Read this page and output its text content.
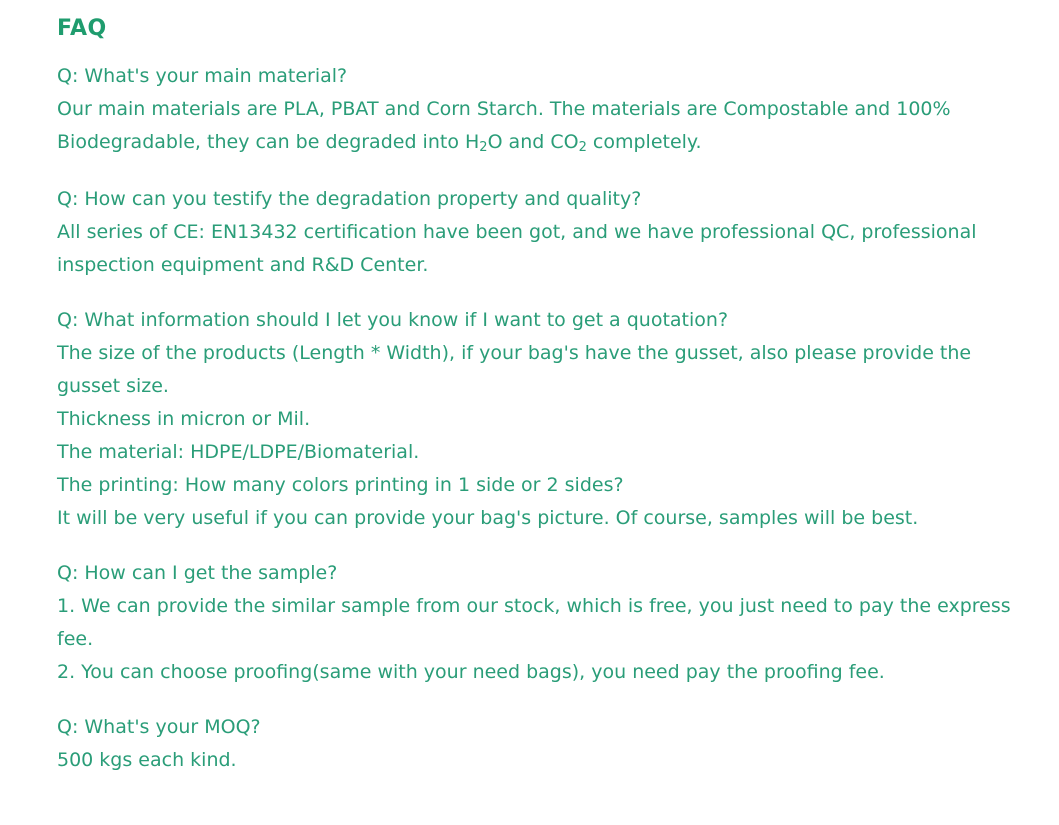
faq
Q: What's your main material?
Our main materials are PLA, PBAT and Corn Starch. The materials are Compostable and 100% Biodegradable, they can be degraded into $H_2O$ and $CO_2$ completely.
Q: How can you testify the degradation property and quality?
All series of CE: EN13432 certification have been got, and we have professional QC, professional inspection equipment and R&D Center.
Q: What information should I let you know if I want to get a quotation?
The size of the products (Length * Width), if your bag's have the gusset, also please provide the gusset size.
Thickness in micron or Mil.
The material: HDPE/LDPE/Biomaterial.
The printing: How many colors printing in 1 side or 2 sides?
It will be very useful if you can provide your bag's picture. Of course, samples will be best.
Q: How can I get the sample?
1. We can provide the similar sample from our stock, which is free, you just need to pay the express fee.
2. You can choose proofing(same with your need bags), you need pay the proofing fee.
Q: What's your MOQ?
500 kgs each kind.
